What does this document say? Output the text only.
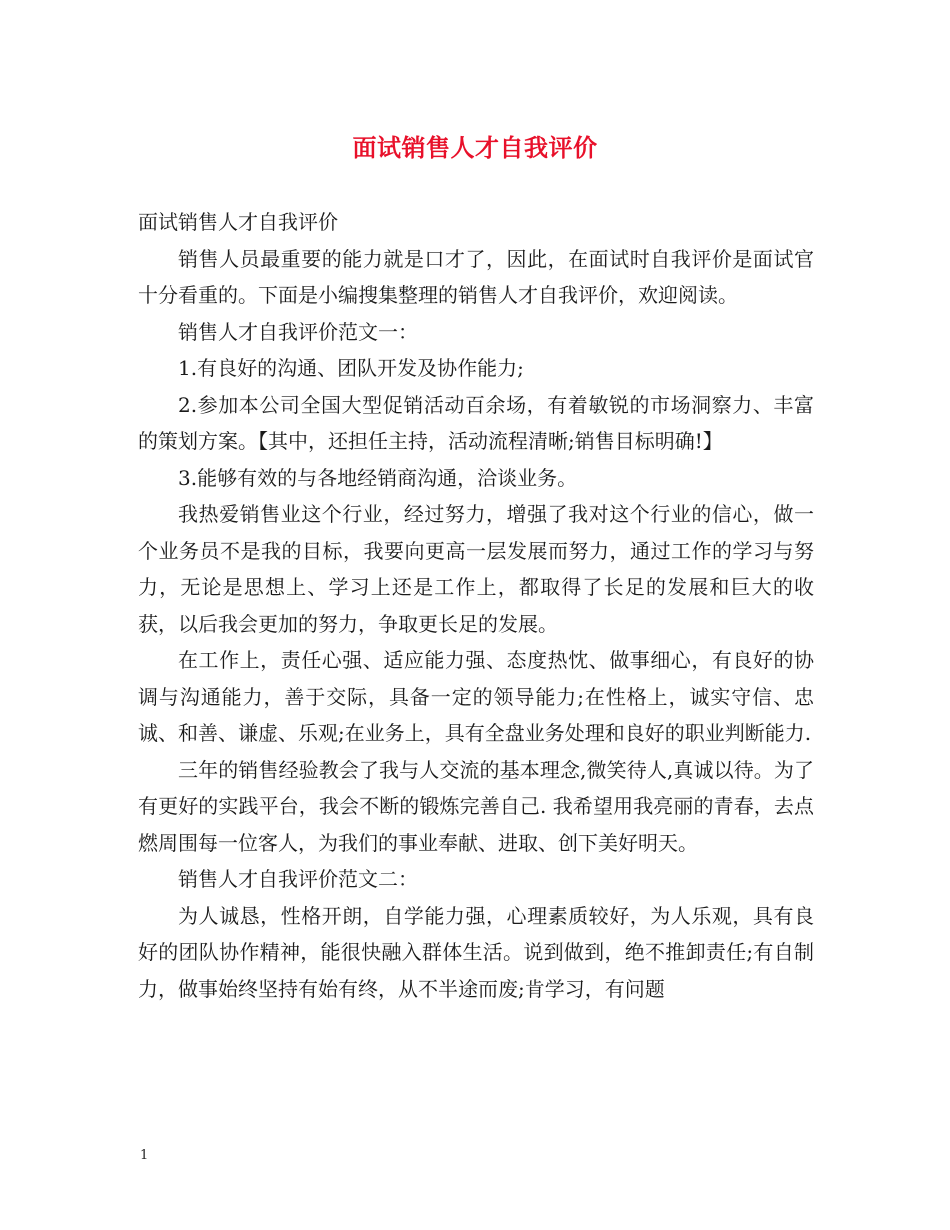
面试销售人才自我评价

面试销售人才自我评价

销售人员最重要的能力就是口才了，因此，在面试时自我评价是面试官十分看重的。下面是小编搜集整理的销售人才自我评价，欢迎阅读。

销售人才自我评价范文一：

1.有良好的沟通、团队开发及协作能力;

2.参加本公司全国大型促销活动百余场，有着敏锐的市场洞察力、丰富的策划方案。【其中，还担任主持，活动流程清晰;销售目标明确!】

3.能够有效的与各地经销商沟通，洽谈业务。

我热爱销售业这个行业，经过努力，增强了我对这个行业的信心，做一个业务员不是我的目标，我要向更高一层发展而努力，通过工作的学习与努力，无论是思想上、学习上还是工作上，都取得了长足的发展和巨大的收获，以后我会更加的努力，争取更长足的发展。

在工作上，责任心强、适应能力强、态度热忱、做事细心，有良好的协调与沟通能力，善于交际，具备一定的领导能力;在性格上，诚实守信、忠诚、和善、谦虚、乐观;在业务上，具有全盘业务处理和良好的职业判断能力.

三年的销售经验教会了我与人交流的基本理念,微笑待人,真诚以待。为了有更好的实践平台，我会不断的锻炼完善自己. 我希望用我亮丽的青春，去点燃周围每一位客人，为我们的事业奉献、进取、创下美好明天。

销售人才自我评价范文二：

为人诚恳，性格开朗，自学能力强，心理素质较好，为人乐观，具有良好的团队协作精神，能很快融入群体生活。说到做到，绝不推卸责任;有自制力，做事始终坚持有始有终，从不半途而废;肯学习，有问题

1
